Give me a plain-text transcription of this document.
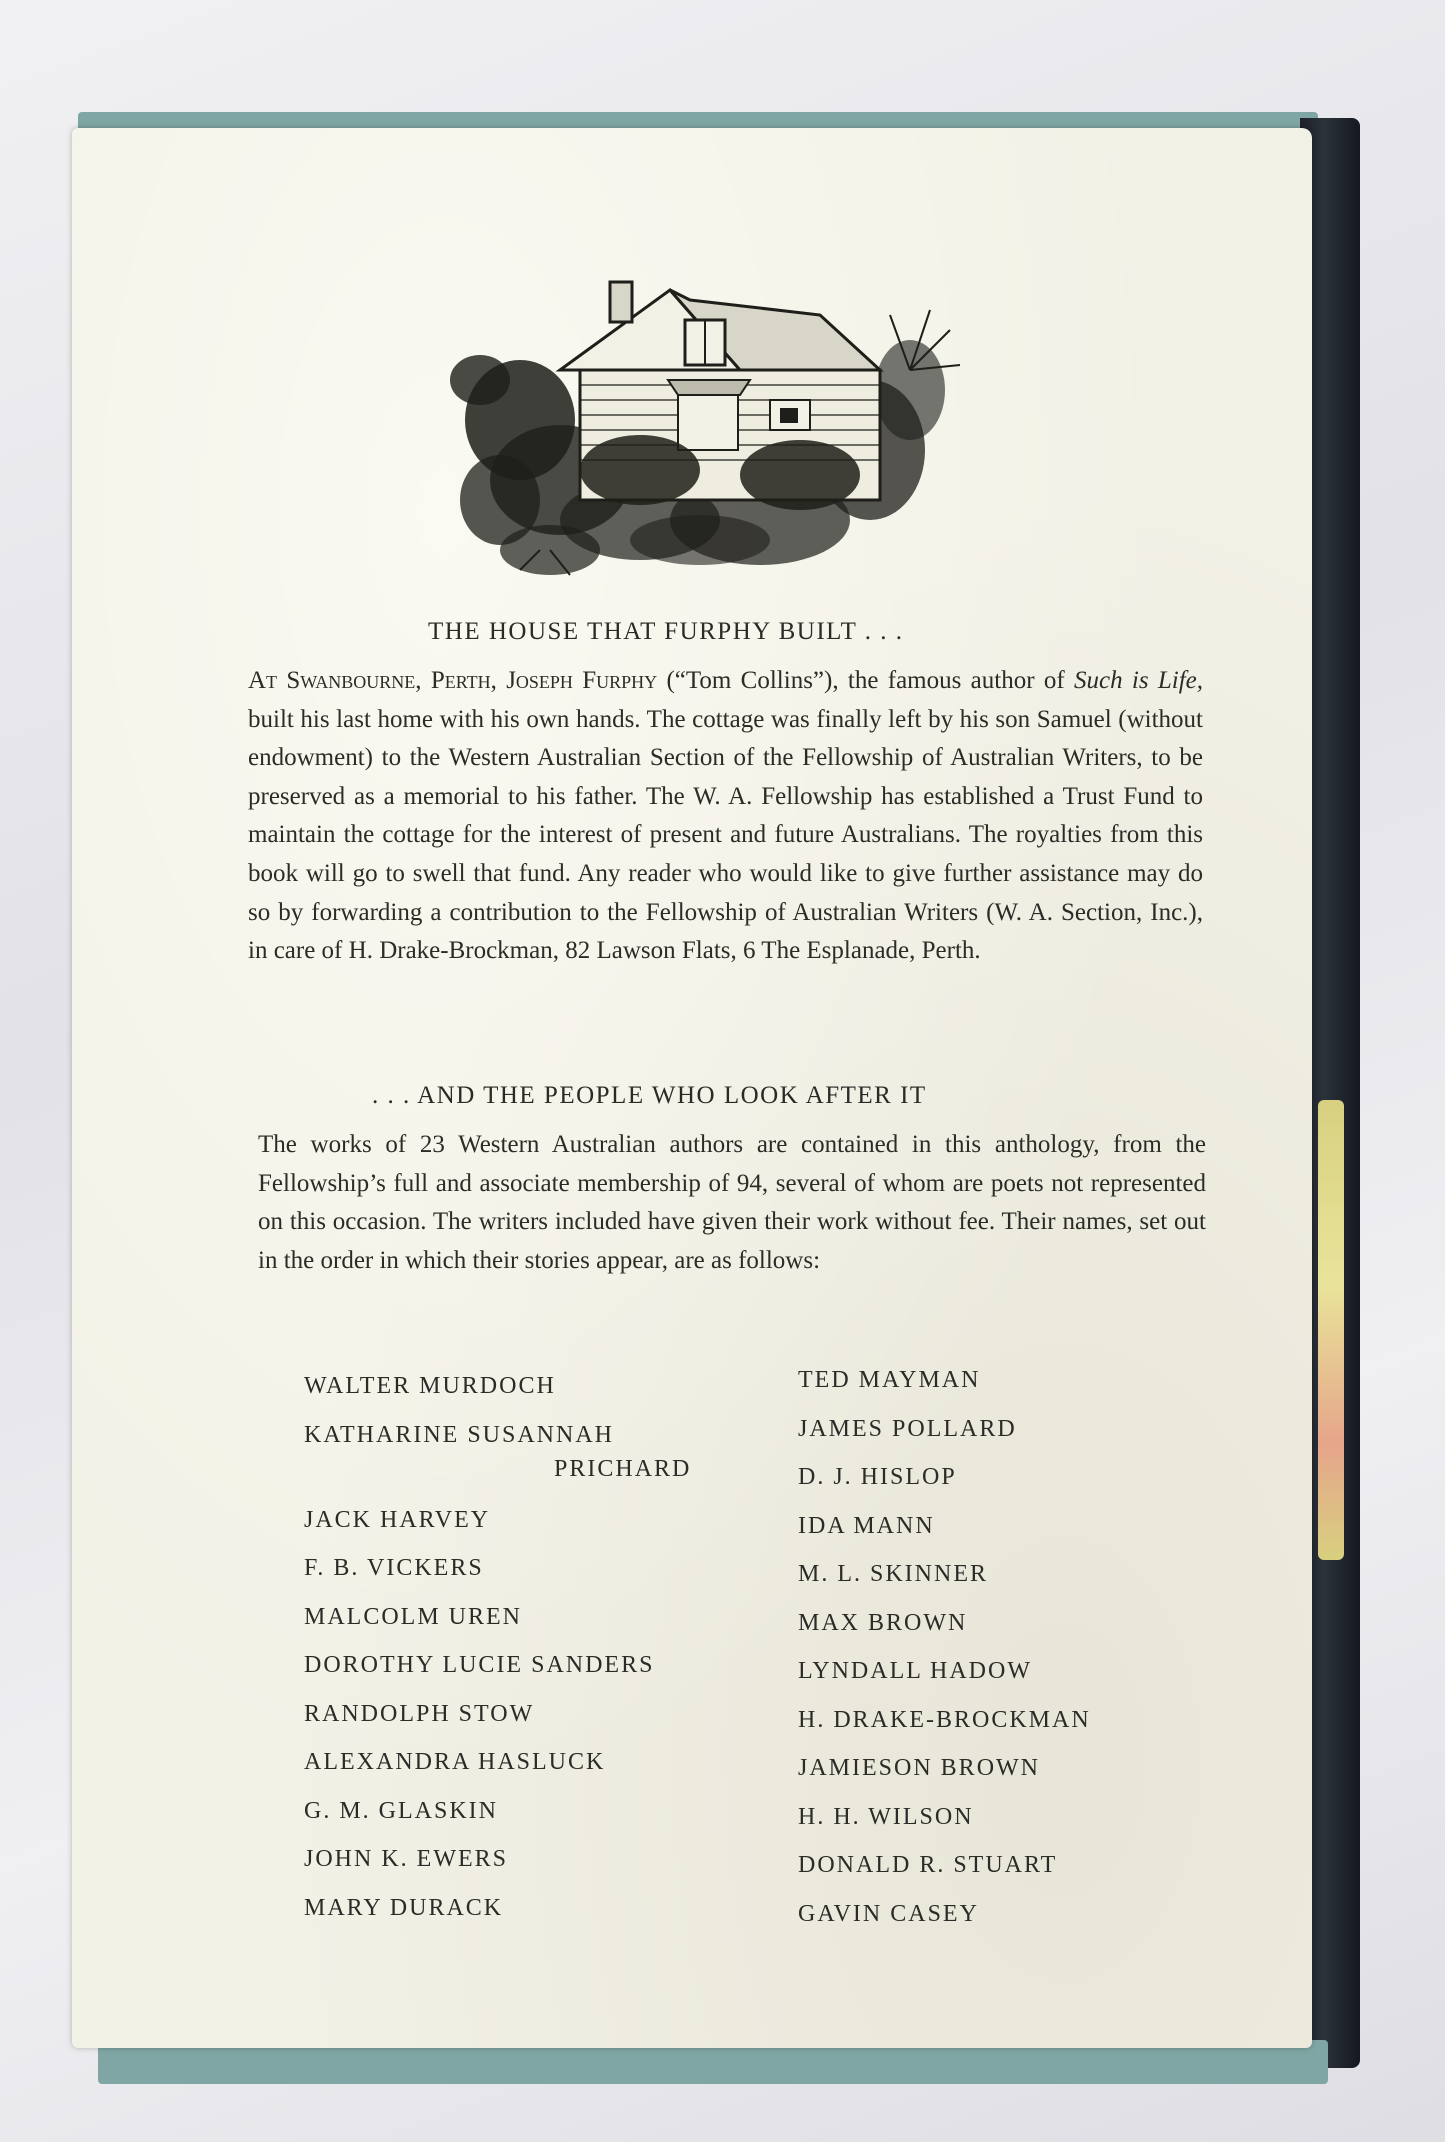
THE HOUSE THAT FURPHY BUILT . . .
At Swanbourne, Perth, Joseph Furphy (“Tom Collins”), the famous author of Such is Life, built his last home with his own hands. The cottage was finally left by his son Samuel (without endowment) to the Western Australian Section of the Fellowship of Australian Writers, to be preserved as a memorial to his father. The W. A. Fellowship has established a Trust Fund to maintain the cottage for the interest of present and future Australians. The royalties from this book will go to swell that fund. Any reader who would like to give further assistance may do so by forwarding a contribution to the Fellowship of Australian Writers (W. A. Section, Inc.), in care of H. Drake-Brockman, 82 Lawson Flats, 6 The Esplanade, Perth.
. . . AND THE PEOPLE WHO LOOK AFTER IT
The works of 23 Western Australian authors are contained in this anthology, from the Fellowship’s full and associate membership of 94, several of whom are poets not represented on this occasion. The writers included have given their work without fee. Their names, set out in the order in which their stories appear, are as follows:
WALTER MURDOCH
KATHARINE SUSANNAH
PRICHARD
JACK HARVEY
F. B. VICKERS
MALCOLM UREN
DOROTHY LUCIE SANDERS
RANDOLPH STOW
ALEXANDRA HASLUCK
G. M. GLASKIN
JOHN K. EWERS
MARY DURACK
TED MAYMAN
JAMES POLLARD
D. J. HISLOP
IDA MANN
M. L. SKINNER
MAX BROWN
LYNDALL HADOW
H. DRAKE-BROCKMAN
JAMIESON BROWN
H. H. WILSON
DONALD R. STUART
GAVIN CASEY
